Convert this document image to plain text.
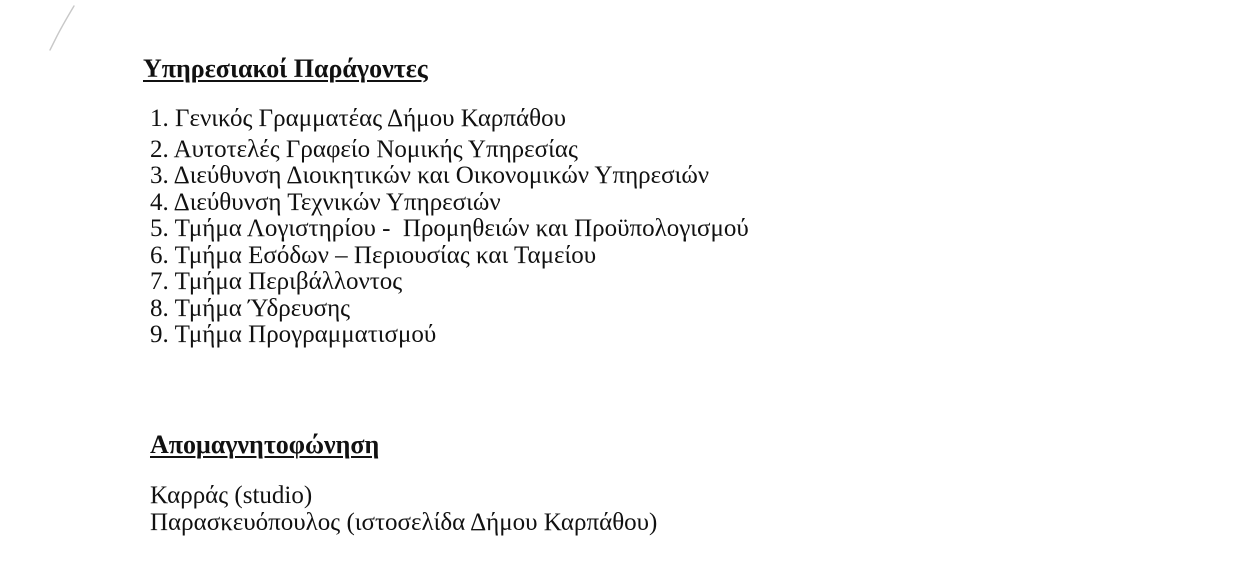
Υπηρεσιακοί Παράγοντες
1. Γενικός Γραμματέας Δήμου Καρπάθου
2. Αυτοτελές Γραφείο Νομικής Υπηρεσίας
3. Διεύθυνση Διοικητικών και Οικονομικών Υπηρεσιών
4. Διεύθυνση Τεχνικών Υπηρεσιών
5. Τμήμα Λογιστηρίου -  Προμηθειών και Προϋπολογισμού
6. Τμήμα Εσόδων – Περιουσίας και Ταμείου
7. Τμήμα Περιβάλλοντος
8. Τμήμα Ύδρευσης
9. Τμήμα Προγραμματισμού
Απομαγνητοφώνηση
Καρράς (studio)
Παρασκευόπουλος (ιστοσελίδα Δήμου Καρπάθου)
